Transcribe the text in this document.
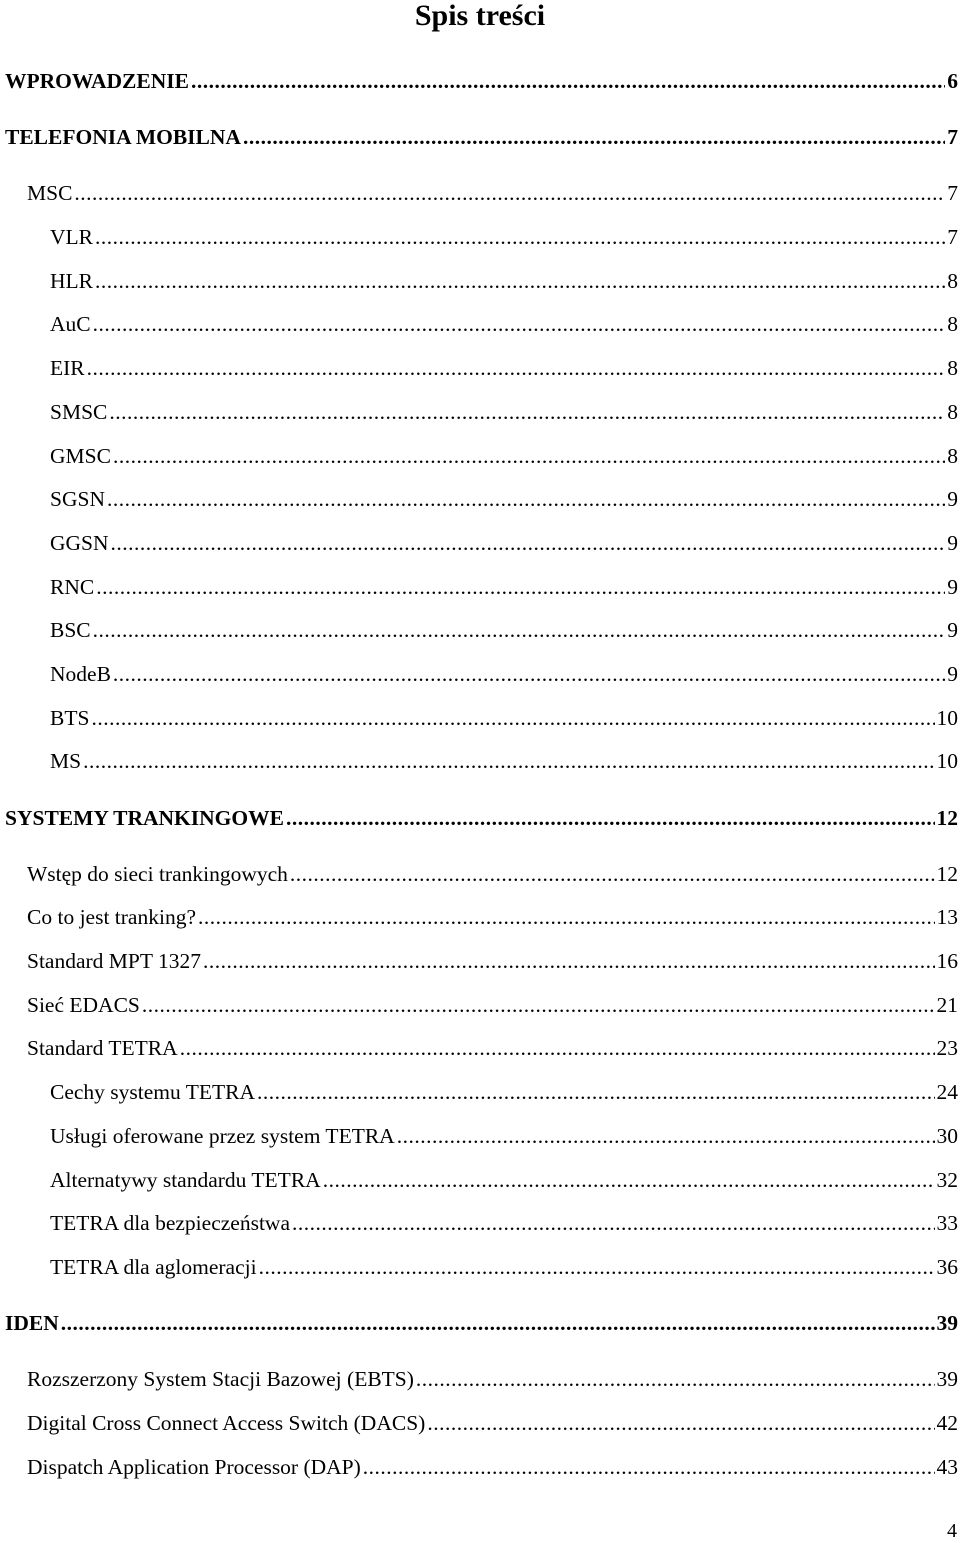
Spis treści
WPROWADZENIE .....	6
TELEFONIA MOBILNA .....	7
MSC .....	7
VLR .....	7
HLR .....	8
AuC .....	8
EIR .....	8
SMSC .....	8
GMSC .....	8
SGSN .....	9
GGSN .....	9
RNC .....	9
BSC .....	9
NodeB .....	9
BTS .....	10
MS .....	10
SYSTEMY TRANKINGOWE .....	12
Wstęp do sieci trankingowych .....	12
Co to jest tranking? .....	13
Standard MPT 1327 .....	16
Sieć EDACS .....	21
Standard TETRA .....	23
Cechy systemu TETRA .....	24
Usługi oferowane przez system TETRA .....	30
Alternatywy standardu TETRA .....	32
TETRA dla bezpieczeństwa .....	33
TETRA dla aglomeracji .....	36
IDEN .....	39
Rozszerzony System Stacji Bazowej (EBTS) .....	39
Digital Cross Connect Access Switch (DACS) .....	42
Dispatch Application Processor (DAP) .....	43
4
